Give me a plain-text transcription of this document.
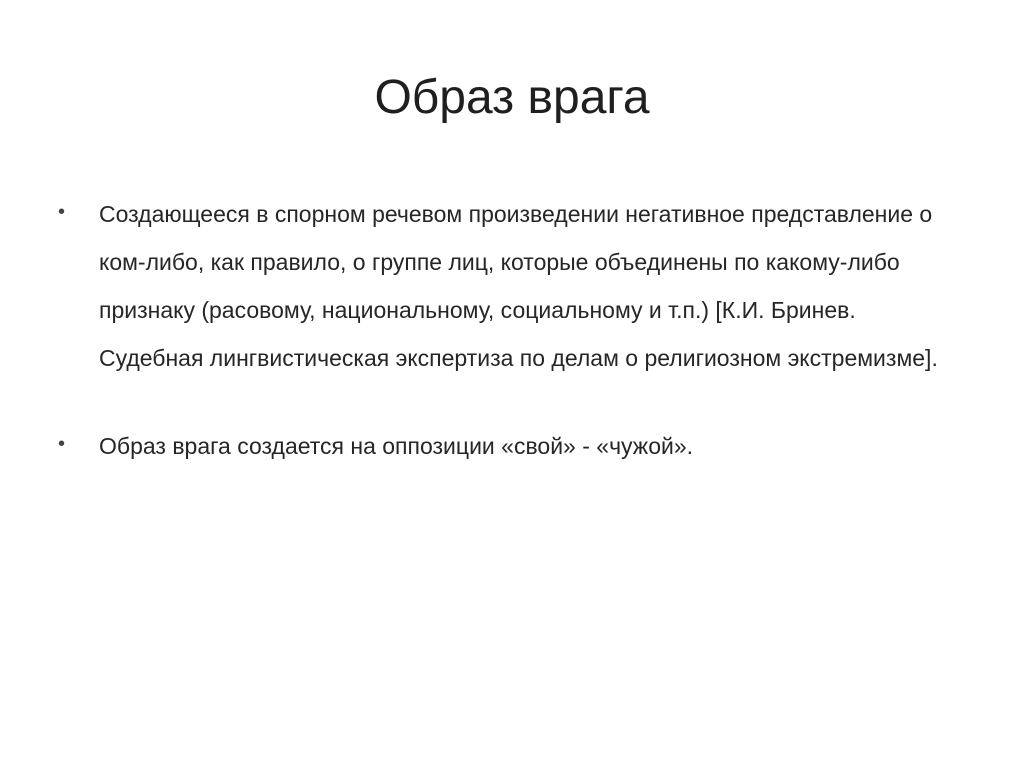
Образ врага
• Создающееся в спорном речевом произведении негативное представление о ком-либо, как правило, о группе лиц, которые объединены по какому-либо признаку (расовому, национальному, социальному и т.п.) [К.И. Бринев. Судебная лингвистическая экспертиза по делам о религиозном экстремизме].
• Образ врага создается на оппозиции «свой» - «чужой».
